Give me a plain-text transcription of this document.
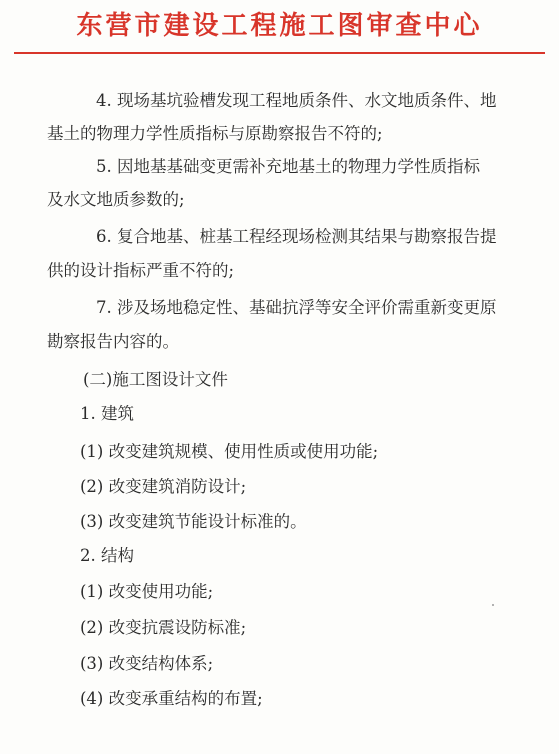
东营市建设工程施工图审查中心
4. 现场基坑验槽发现工程地质条件、水文地质条件、地
基土的物理力学性质指标与原勘察报告不符的;
5. 因地基基础变更需补充地基土的物理力学性质指标
及水文地质参数的;
6. 复合地基、桩基工程经现场检测其结果与勘察报告提
供的设计指标严重不符的;
7. 涉及场地稳定性、基础抗浮等安全评价需重新变更原
勘察报告内容的。
(二)施工图设计文件
1. 建筑
(1) 改变建筑规模、使用性质或使用功能;
(2) 改变建筑消防设计;
(3) 改变建筑节能设计标准的。
2. 结构
(1) 改变使用功能;
(2) 改变抗震设防标准;
(3) 改变结构体系;
(4) 改变承重结构的布置;
